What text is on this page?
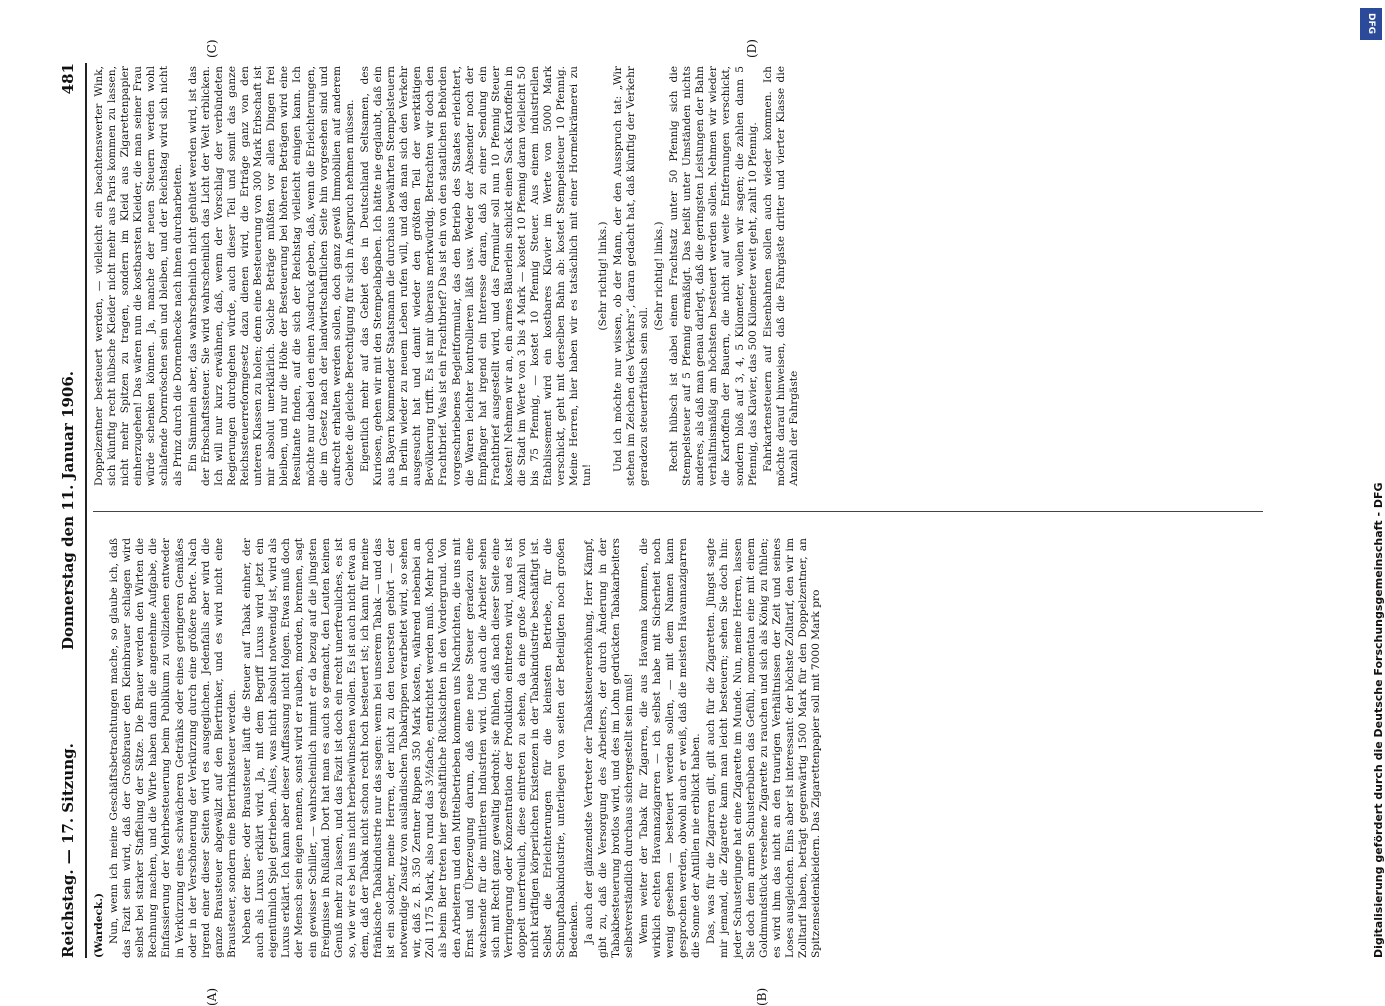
Reichstag. — 17. Sitzung.
Donnerstag den 11. Januar 1906.
481

(Wardeck.) Nun, wenn ich meine Geschäftsbetrachtungen mache, so glaube ich, daß das Fazit sein wird, daß der Großbrauer den Kleinbrauer schlagen wird selbst bei starker Staffelung der Sätze. Die Brauer werden den Wirten die Rechnung machen, und die Wirte haben dann die angenehme Aufgabe, die Einfassierung der Mehrbesteuerung beim Publikum zu vollziehen entweder in Verkürzung eines schwächeren Getränks oder eines geringeren Gemäßes oder in der Verschönerung der Verkürzung durch eine größere Borte. Nach irgend einer dieser Seiten wird es ausgeglichen. Jedenfalls aber wird die ganze Brausteuer abgewälzt auf den Biertrinker, und es wird nicht eine Brausteuer, sondern eine Biertrinksteuer werden. Neben der Bier- oder Brausteuer läuft die Steuer auf Tabak einher, der auch als Luxus erklärt wird. Ja, mit dem Begriff Luxus wird jetzt ein eigentümlich Spiel getrieben. Alles, was nicht absolut notwendig ist, wird als Luxus erklärt. Ich kann aber dieser Auffassung nicht folgen. Etwas muß doch der Mensch sein eigen nennen, sonst wird er rauben, morden, brennen, sagt ein gewisser Schiller, — wahrscheinlich nimmt er da bezug auf die jüngsten Ereignisse in Rußland. Dort hat man es auch so gemacht, den Leuten keinen Genuß mehr zu lassen, und das Fazit ist doch ein recht unerfreuliches, es ist so, wie wir es bei uns nicht herbeiwünschen wollen. Es ist auch nicht etwa an dem, daß der Tabak nicht schon recht hoch besteuert ist; ich kann für meine fränkische Tabakindustrie nur das sagen: wenn bei unserem Tabak — und das ist ein solcher, meine Herren, der nicht zu den teuersten gehört — der notwendige Zusatz von ausländischen Tabakrippen verarbeitet wird, so sehen wir, daß z. B. 350 Zentner Rippen 350 Mark kosten, während nebenbei an Zoll 1175 Mark, also rund das 3½fache, entrichtet werden muß. Mehr noch als beim Bier treten hier geschäftliche Rücksichten in den Vordergrund. Von den Arbeitern und den Mittelbetrieben kommen uns Nachrichten, die uns mit Ernst und Überzeugung darum, daß eine neue Steuer geradezu eine wachsende für die mittleren Industrien wird. Und auch die Arbeiter sehen sich mit Recht ganz gewaltig bedroht; sie fühlen, daß nach dieser Seite eine Verringerung oder Konzentration der Produktion eintreten wird, und es ist doppelt unerfreulich, diese eintreten zu sehen, da eine große Anzahl von nicht kräftigen körperlichen Existenzen in der Tabakindustrie beschäftigt ist. Selbst die Erleichterungen für die kleinsten Betriebe, für die Schnupftabakindustrie, unterliegen von seiten der Beteiligten noch großen Bedenken. Ja auch der glänzendste Vertreter der Tabaksteuererhöhung, Herr Kämpf, gibt zu, daß die Versorgung des Arbeiters, der durch Änderung in der Tabakbesteuerung brotlos wird, und des im Lohn gedrückten Tabakarbeiters selbstverständlich durchaus sichergestellt sein muß! Wenn weiter der Tabak für Zigarren, die aus Havanna kommen, die wirklich echten Havannazigarren — ich selbst habe mit Sicherheit noch wenig gesehen — besteuert werden sollen, — mit dem Namen kann gesprochen werden, obwohl auch er weiß, daß die meisten Havannazigarren die Sonne der Antillen nie erblickt haben. Das, was für die Zigarren gilt, gilt auch für die Zigaretten. Jüngst sagte mir jemand, die Zigarette kann man leicht besteuern; sehen Sie doch hin: jeder Schusterjunge hat eine Zigarette im Munde. Nun, meine Herren, lassen Sie doch dem armen Schusterbuben das Gefühl, momentan eine mit einem Goldmundstück versehene Zigarette zu rauchen und sich als König zu fühlen; es wird ihm das nicht an den traurigen Verhältnissen der Zeit und seines Loses ausgleichen. Eins aber ist interessant: der höchste Zolltarif, den wir im Zolltarif haben, beträgt gegenwärtig 1500 Mark für den Doppelzentner, an Spitzenseidenkleidern. Das Zigarettenpapier soll mit 7000 Mark pro

Doppelzentner besteuert werden, — vielleicht ein beachtenswerter Wink, sich künftig recht hübsche Kleider nicht mehr aus Paris kommen zu lassen, nicht mehr Spitzen zu tragen, sondern im Kleid aus Zigarettenpapier einherzugehen! Das wären nun die kostbarsten Kleider, die man seiner Frau würde schenken können. Ja, manche der neuen Steuern werden wohl schlafende Dornröschen sein und bleiben, und der Reichstag wird sich nicht als Prinz durch die Dornenhecke nach ihnen durcharbeiten. Ein Sämmlein aber, das wahrscheinlich nicht gehütet werden wird, ist das der Erbschaftssteuer. Sie wird wahrscheinlich das Licht der Welt erblicken. Ich will nur kurz erwähnen, daß, wenn der Vorschlag der verbündeten Regierungen durchgehen würde, auch dieser Teil und somit das ganze Reichssteuerreformgesetz dazu dienen wird, die Erträge ganz von den unteren Klassen zu holen; denn eine Besteuerung von 300 Mark Erbschaft ist mir absolut unerklärlich. Solche Beträge müßten vor allen Dingen frei bleiben, und nur die Höhe der Besteuerung bei höheren Beträgen wird eine Resultante finden, auf die sich der Reichstag vielleicht einigen kann. Ich möchte nur dabei den einen Ausdruck geben, daß, wenn die Erleichterungen, die im Gesetz nach der landwirtschaftlichen Seite hin vorgesehen sind und aufrecht erhalten werden sollen, doch ganz gewiß Immobilien auf anderem Gebiete die gleiche Berechtigung für sich in Anspruch nehmen müssen. Eigentlich mehr auf das Gebiet des in Deutschland Seltsamen, des Kuriosen, gehen wir mit den Stempelabgaben. Ich hätte nie geglaubt, daß ein aus Bayern kommender Staatsmann die durchaus bewährten Stempelsteuern in Berlin wieder zu neuem Leben rufen will, und daß man sich den Verkehr ausgesucht hat und damit wieder den größten Teil der werktätigen Bevölkerung trifft. Es ist mir überaus merkwürdig. Betrachten wir doch den Frachtbrief. Was ist ein Frachtbrief? Das ist ein von den staatlichen Behörden vorgeschriebenes Begleitformular, das den Betrieb des Staates erleichtert, die Waren leichter kontrollieren läßt usw. Weder der Absender noch der Empfänger hat irgend ein Interesse daran, daß zu einer Sendung ein Frachtbrief ausgestellt wird, und das Formular soll nun 10 Pfennig Steuer kosten! Nehmen wir an, ein armes Bäuerlein schickt einen Sack Kartoffeln in die Stadt im Werte von 3 bis 4 Mark — kostet 10 Pfennig daran vielleicht 50 bis 75 Pfennig, — kostet 10 Pfennig Steuer. Aus einem industriellen Etablissement wird ein kostbares Klavier im Werte von 5000 Mark verschickt, geht mit derselben Bahn ab: kostet Stempelsteuer 10 Pfennig. Meine Herren, hier haben wir es tatsächlich mit einer Hormelkrämerei zu tun!

(Sehr richtig! links.) Und ich möchte nur wissen, ob der Mann, der den Ausspruch tat: „Wir stehen im Zeichen des Verkehrs“, daran gedacht hat, daß künftig der Verkehr geradezu steuerfrätisch sein soll.

(Sehr richtig! links.) Recht hübsch ist dabei einem Frachtsatz unter 50 Pfennig sich die Stempelsteuer auf 5 Pfennig ermäßigt. Das heißt unter Umständen nichts anderes, als daß man genau darlegt, daß die geringsten Leistungen der Bahn verhältnismäßig am höchsten besteuert werden sollen. Nehmen wir wieder die Kartoffeln der Bauern, die nicht auf weite Entfernungen verschickt, sondern bloß auf 3, 4, 5 Kilometer, wollen wir sagen; die zahlen dann 5 Pfennig, das Klavier, das 500 Kilometer weit geht, zahlt 10 Pfennig. Fahrkartensteuern auf Eisenbahnen sollen auch wieder kommen. Ich möchte darauf hinweisen, daß die Fahrgäste dritter und vierter Klasse die Anzahl der Fahrgäste

(A)	(B)
(C)	(D)
DFG
Digitalisierung gefördert durch die Deutsche Forschungsgemeinschaft - DFG
